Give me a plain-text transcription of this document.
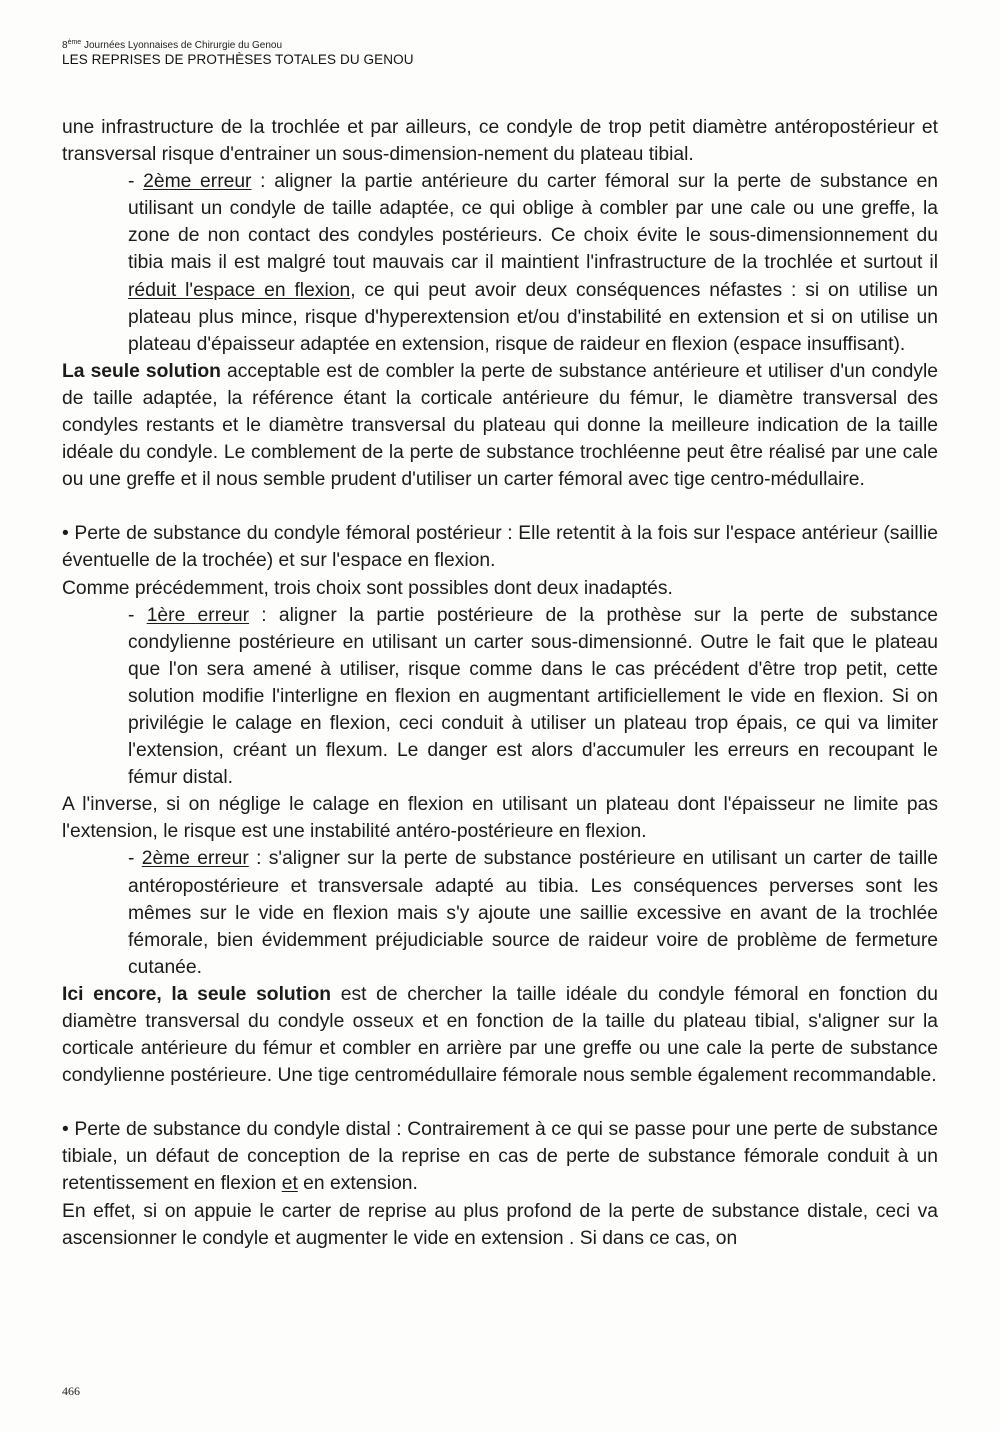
8ème Journées Lyonnaises de Chirurgie du Genou
LES REPRISES DE PROTHÈSES TOTALES DU GENOU

une infrastructure de la trochlée et par ailleurs, ce condyle de trop petit diamètre antéropostérieur et transversal risque d'entrainer un sous-dimension-nement du plateau tibial.

- 2ème erreur : aligner la partie antérieure du carter fémoral sur la perte de substance en utilisant un condyle de taille adaptée, ce qui oblige à combler par une cale ou une greffe, la zone de non contact des condyles postérieurs. Ce choix évite le sous-dimensionnement du tibia mais il est malgré tout mauvais car il maintient l'infrastructure de la trochlée et surtout il réduit l'espace en flexion, ce qui peut avoir deux conséquences néfastes : si on utilise un plateau plus mince, risque d'hyperextension et/ou d'instabilité en extension et si on utilise un plateau d'épaisseur adaptée en extension, risque de raideur en flexion (espace insuffisant).

La seule solution acceptable est de combler la perte de substance antérieure et utiliser d'un condyle de taille adaptée, la référence étant la corticale antérieure du fémur, le diamètre transversal des condyles restants et le diamètre transversal du plateau qui donne la meilleure indication de la taille idéale du condyle. Le comblement de la perte de substance trochléenne peut être réalisé par une cale ou une greffe et il nous semble prudent d'utiliser un carter fémoral avec tige centro-médullaire.

• Perte de substance du condyle fémoral postérieur : Elle retentit à la fois sur l'espace antérieur (saillie éventuelle de la trochée) et sur l'espace en flexion.

Comme précédemment, trois choix sont possibles dont deux inadaptés.

- 1ère erreur : aligner la partie postérieure de la prothèse sur la perte de substance condylienne postérieure en utilisant un carter sous-dimensionné. Outre le fait que le plateau que l'on sera amené à utiliser, risque comme dans le cas précédent d'être trop petit, cette solution modifie l'interligne en flexion en augmentant artificiellement le vide en flexion. Si on privilégie le calage en flexion, ceci conduit à utiliser un plateau trop épais, ce qui va limiter l'extension, créant un flexum. Le danger est alors d'accumuler les erreurs en recoupant le fémur distal.

A l'inverse, si on néglige le calage en flexion en utilisant un plateau dont l'épaisseur ne limite pas l'extension, le risque est une instabilité antéro-postérieure en flexion.

- 2ème erreur : s'aligner sur la perte de substance postérieure en utilisant un carter de taille antéropostérieure et transversale adapté au tibia. Les conséquences perverses sont les mêmes sur le vide en flexion mais s'y ajoute une saillie excessive en avant de la trochlée fémorale, bien évidemment préjudiciable source de raideur voire de problème de fermeture cutanée.

Ici encore, la seule solution est de chercher la taille idéale du condyle fémoral en fonction du diamètre transversal du condyle osseux et en fonction de la taille du plateau tibial, s'aligner sur la corticale antérieure du fémur et combler en arrière par une greffe ou une cale la perte de substance condylienne postérieure. Une tige centromédullaire fémorale nous semble également recommandable.

• Perte de substance du condyle distal : Contrairement à ce qui se passe pour une perte de substance tibiale, un défaut de conception de la reprise en cas de perte de substance fémorale conduit à un retentissement en flexion et en extension.

En effet, si on appuie le carter de reprise au plus profond de la perte de substance distale, ceci va ascensionner le condyle et augmenter le vide en extension . Si dans ce cas, on

466
